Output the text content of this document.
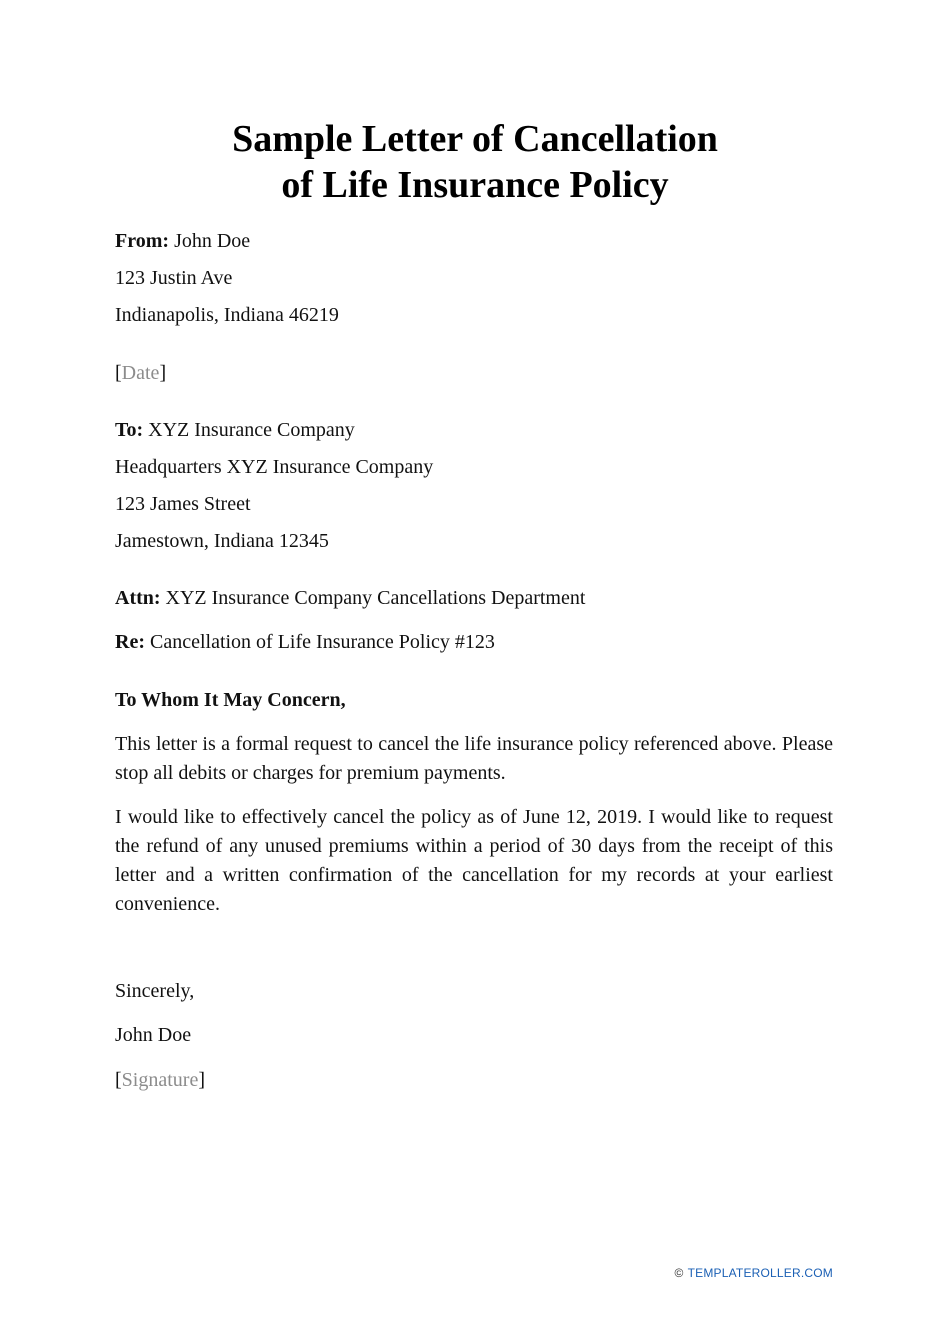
Sample Letter of Cancellation
of Life Insurance Policy
From: John Doe
123 Justin Ave
Indianapolis, Indiana 46219
[Date]
To: XYZ Insurance Company
Headquarters XYZ Insurance Company
123 James Street
Jamestown, Indiana 12345
Attn: XYZ Insurance Company Cancellations Department
Re: Cancellation of Life Insurance Policy #123
To Whom It May Concern,
This letter is a formal request to cancel the life insurance policy referenced above. Please stop all debits or charges for premium payments.
I would like to effectively cancel the policy as of June 12, 2019. I would like to request the refund of any unused premiums within a period of 30 days from the receipt of this letter and a written confirmation of the cancellation for my records at your earliest convenience.
Sincerely,
John Doe
[Signature]
© TEMPLATEROLLER.COM
